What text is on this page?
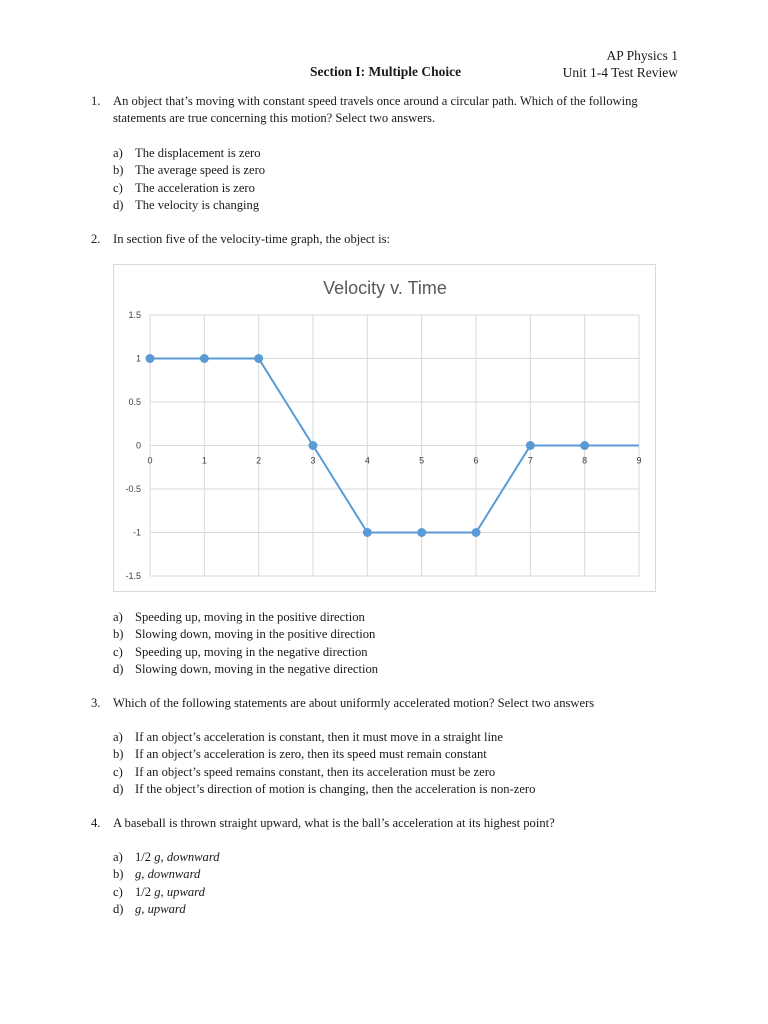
AP Physics 1
Unit 1-4 Test Review
Section I: Multiple Choice
1. An object that’s moving with constant speed travels once around a circular path. Which of the following statements are true concerning this motion? Select two answers.
a) The displacement is zero
b) The average speed is zero
c) The acceleration is zero
d) The velocity is changing
2. In section five of the velocity-time graph, the object is:
1.5
1
0.5
0
-0.5
-1
-1.5
0	1	2	3	4	5	6	7	8	9
Velocity v. Time
a) Speeding up, moving in the positive direction
b) Slowing down, moving in the positive direction
c) Speeding up, moving in the negative direction
d) Slowing down, moving in the negative direction
3. Which of the following statements are about uniformly accelerated motion? Select two answers
a) If an object’s acceleration is constant, then it must move in a straight line
b) If an object’s acceleration is zero, then its speed must remain constant
c) If an object’s speed remains constant, then its acceleration must be zero
d) If the object’s direction of motion is changing, then the acceleration is non-zero
4. A baseball is thrown straight upward, what is the ball’s acceleration at its highest point?
a) 1/2 g, downward
b) g, downward
c) 1/2 g, upward
d) g, upward
